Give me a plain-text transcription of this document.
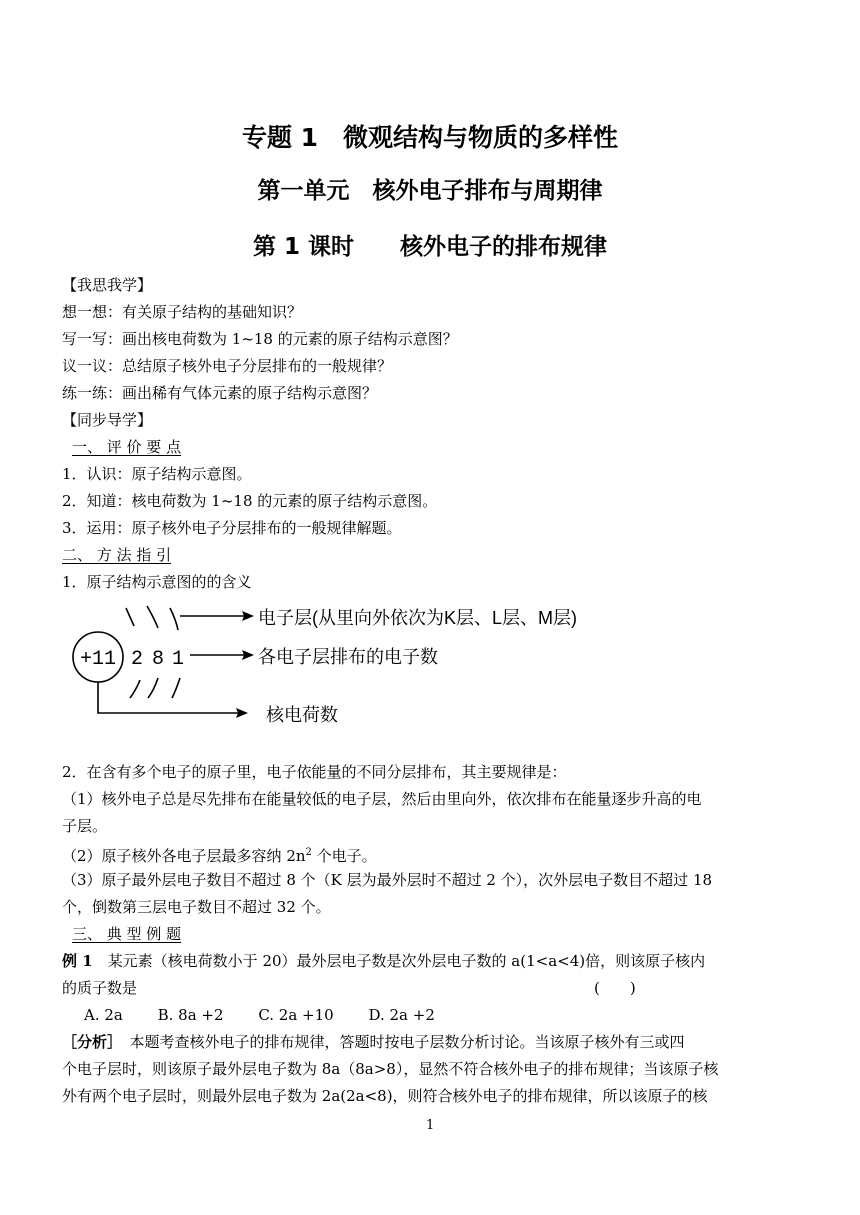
专题 1　微观结构与物质的多样性
第一单元　核外电子排布与周期律
第 1 课时　　核外电子的排布规律
【我思我学】
想一想：有关原子结构的基础知识？
写一写：画出核电荷数为 1~18 的元素的原子结构示意图？
议一议：总结原子核外电子分层排布的一般规律？
练一练：画出稀有气体元素的原子结构示意图？
【同步导学】
一、 评 价 要 点
1．认识：原子结构示意图。
2．知道：核电荷数为 1~18 的元素的原子结构示意图。
3．运用：原子核外电子分层排布的一般规律解题。
二、 方 法 指 引
1．原子结构示意图的的含义
+11 2 8 1
电子层(从里向外依次为K层、L层、M层)
各电子层排布的电子数
核电荷数
2．在含有多个电子的原子里，电子依能量的不同分层排布，其主要规律是：
（1）核外电子总是尽先排布在能量较低的电子层，然后由里向外，依次排布在能量逐步升高的电
子层。
（2）原子核外各电子层最多容纳 $2n^2$ 个电子。
（3）原子最外层电子数目不超过 8 个（K 层为最外层时不超过 2 个），次外层电子数目不超过 18
个，倒数第三层电子数目不超过 32 个。
三、 典 型 例 题
例 1　某元素（核电荷数小于 20）最外层电子数是次外层电子数的 a(1<a<4)倍，则该原子核内
的质子数是	(　　)
A. 2a　　 B. 8a +2　　 C. 2a +10　　 D. 2a +2
［分析］　本题考查核外电子的排布规律，答题时按电子层数分析讨论。当该原子核外有三或四
个电子层时，则该原子最外层电子数为 8a（8a>8），显然不符合核外电子的排布规律；当该原子核
外有两个电子层时，则最外层电子数为 2a(2a<8)，则符合核外电子的排布规律，所以该原子的核
1
